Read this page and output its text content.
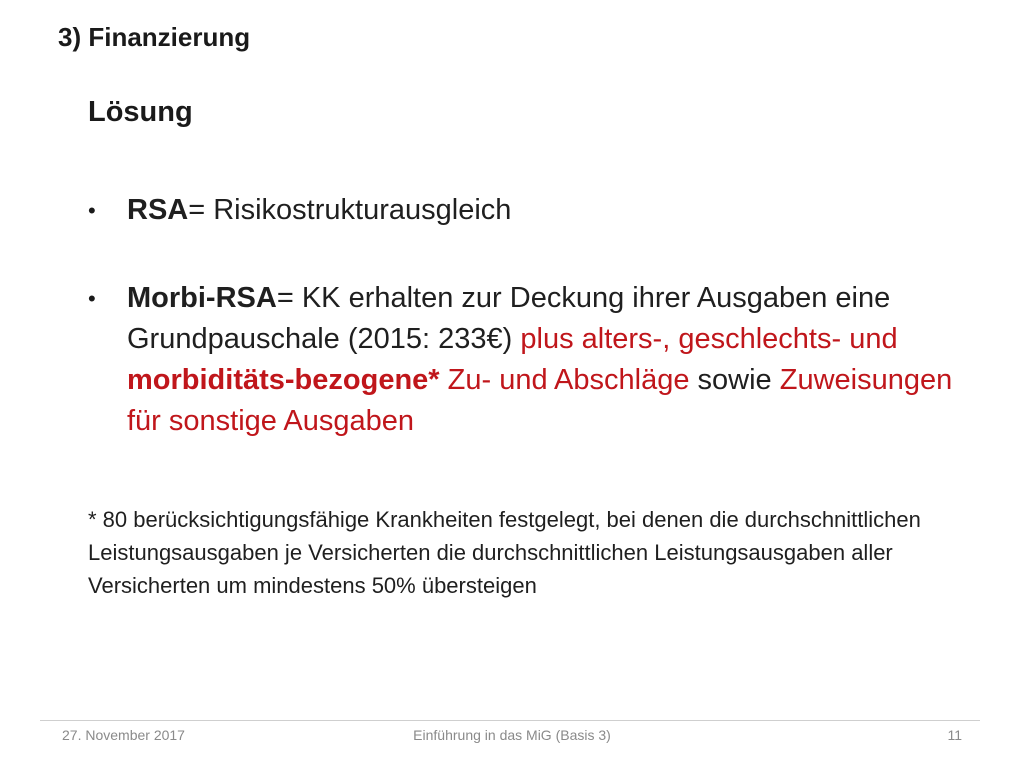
3) Finanzierung
Lösung
• RSA= Risikostrukturausgleich
• Morbi-RSA= KK erhalten zur Deckung ihrer Ausgaben eine Grundpauschale (2015: 233€) plus alters-, geschlechts- und morbiditäts-bezogene* Zu- und Abschläge sowie Zuweisungen für sonstige Ausgaben

* 80 berücksichtigungsfähige Krankheiten festgelegt, bei denen die durchschnittlichen Leistungsausgaben je Versicherten die durchschnittlichen Leistungsausgaben aller Versicherten um mindestens 50% übersteigen

27. November 2017	Einführung in das MiG (Basis 3)	11
